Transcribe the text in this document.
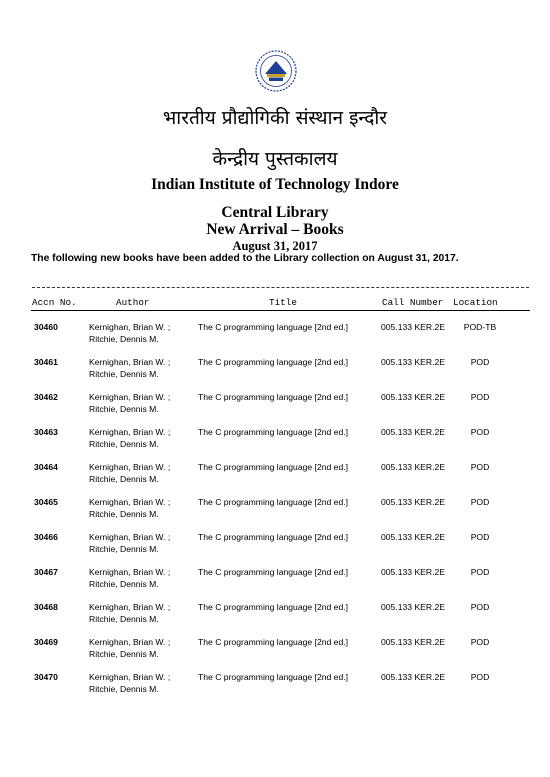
भारतीय प्रौद्योगिकी संस्थान इन्दौर
केन्द्रीय पुस्तकालय
Indian Institute of Technology Indore
Central Library
New Arrival – Books
August 31, 2017
The following new books have been added to the Library collection on August 31, 2017.
Accn No.	Author	Title	Call Number Location
30460	Kernighan, Brian W. ;
Ritchie, Dennis M.
The C programming language [2nd ed.]	005.133 KER.2E	POD-TB
30461	Kernighan, Brian W. ;
Ritchie, Dennis M.
The C programming language [2nd ed.]	005.133 KER.2E	POD
30462	Kernighan, Brian W. ;
Ritchie, Dennis M.
The C programming language [2nd ed.]	005.133 KER.2E	POD
30463	Kernighan, Brian W. ;
Ritchie, Dennis M.
The C programming language [2nd ed.]	005.133 KER.2E	POD
30464	Kernighan, Brian W. ;
Ritchie, Dennis M.
The C programming language [2nd ed.]	005.133 KER.2E	POD
30465	Kernighan, Brian W. ;
Ritchie, Dennis M.
The C programming language [2nd ed.]	005.133 KER.2E	POD
30466	Kernighan, Brian W. ;
Ritchie, Dennis M.
The C programming language [2nd ed.]	005.133 KER.2E	POD
30467	Kernighan, Brian W. ;
Ritchie, Dennis M.
The C programming language [2nd ed.]	005.133 KER.2E	POD
30468	Kernighan, Brian W. ;
Ritchie, Dennis M.
The C programming language [2nd ed.]	005.133 KER.2E	POD
30469	Kernighan, Brian W. ;
Ritchie, Dennis M.
The C programming language [2nd ed.]	005.133 KER.2E	POD
30470	Kernighan, Brian W. ;
Ritchie, Dennis M.
The C programming language [2nd ed.]	005.133 KER.2E	POD
